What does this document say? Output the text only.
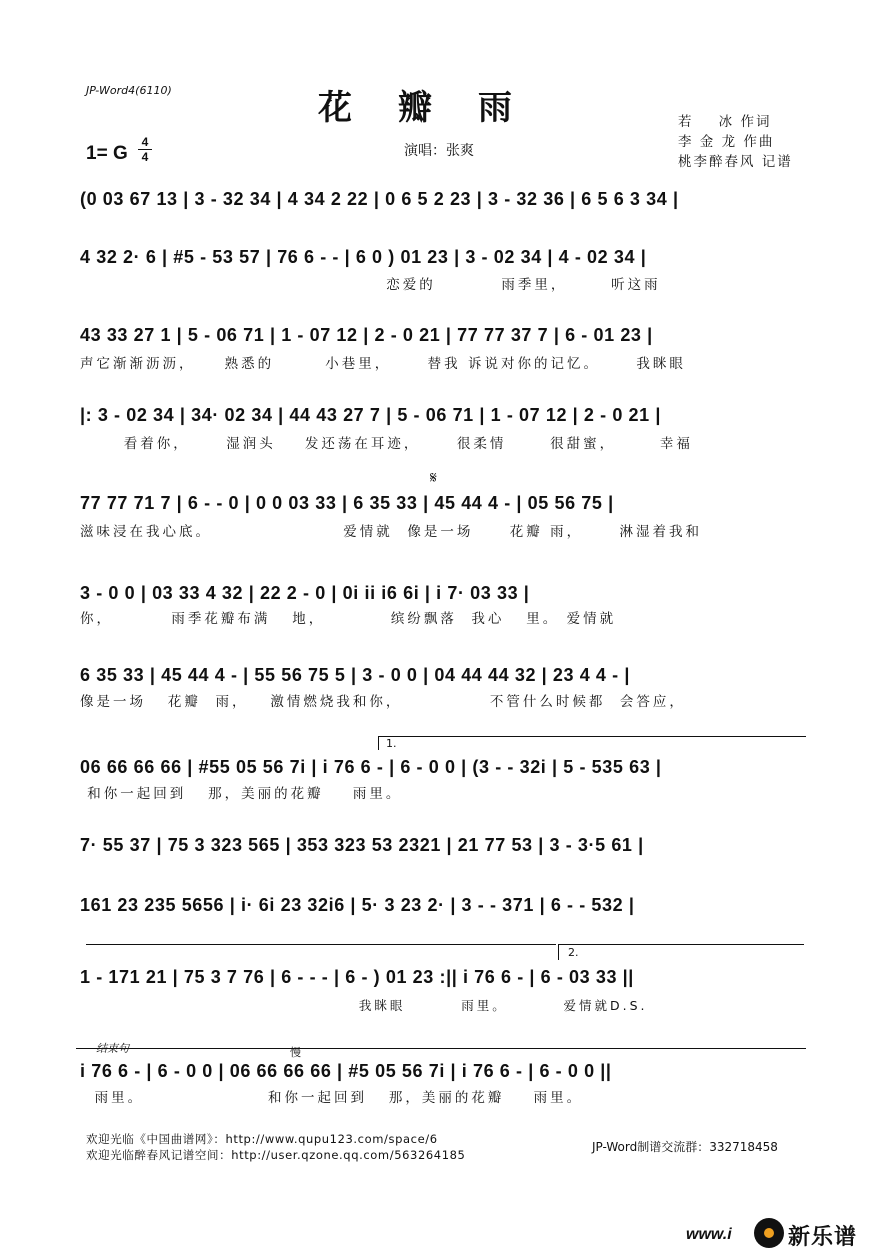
JP-Word4(6110)	花瓣雨
1= G
4
4	演唱：张爽
若    冰 作词
李 金 龙 作曲
桃李醉春风 记谱
(0 03 67 13 | 3 - 32 34 | 4 34 2 22 | 0 6 5 2 23 | 3 - 32 36 | 6 5 6 3 34 |
4 32 2· 6 | #5 - 53 57 | 76 6 - - | 6 0 ) 01 23 | 3 - 02 34 | 4 - 02 34 |
恋爱的         雨季里，      听这雨
43 33 27 1 | 5 - 06 71 | 1 - 07 12 | 2 - 0 21 | 77 77 37 7 | 6 - 01 23 |
声它渐渐沥沥，    熟悉的       小巷里，     替我 诉说对你的记忆。     我眯眼
|: 3 - 02 34 | 34· 02 34 | 44 43 27 7 | 5 - 06 71 | 1 - 07 12 | 2 - 0 21 |
看着你，     湿润头    发还荡在耳迹，     很柔情      很甜蜜，      幸福
𝄋
77 77 71 7 | 6 - - 0 | 0 0 03 33 | 6 35 33 | 45 44 4 - | 05 56 75 |
滋味浸在我心底。                  爱情就  像是一场     花瓣 雨，     淋湿着我和
3 - 0 0 | 03 33 4 32 | 22 2 - 0 | 0i ii i6 6i | i 7· 03 33 |
你，        雨季花瓣布满   地，         缤纷飘落  我心   里。 爱情就
6 35 33 | 45 44 4 - | 55 56 75 5 | 3 - 0 0 | 04 44 44 32 | 23 4 4 - |
像是一场   花瓣  雨，   激情燃烧我和你，            不管什么时候都  会答应，
1.
06 66 66 66 | #55 05 56 7i | i 76 6 - | 6 - 0 0 | (3 - - 32i | 5 - 535 63 |
和你一起回到   那，美丽的花瓣    雨里。
7· 55 37 | 75 3 323 565 | 353 323 53 2321 | 21 77 53 | 3 - 3·5 61 |
161 23 235 5656 | i· 6i 23 32i6 | 5· 3 23 2· | 3 - - 371 | 6 - - 532 |
2.
1 - 171 21 | 75 3 7 76 | 6 - - - | 6 - ) 01 23 :|| i 76 6 - | 6 - 03 33 ||
我眯眼        雨里。        爱情就D.S.
结束句	慢
i 76 6 - | 6 - 0 0 | 06 66 66 66 | #5 05 56 7i | i 76 6 - | 6 - 0 0 ||
雨里。                 和你一起回到   那，美丽的花瓣    雨里。
欢迎光临《中国曲谱网》：http://www.qupu123.com/space/6
欢迎光临醉春风记谱空间：http://user.qzone.qq.com/563264185
JP-Word制谱交流群：332718458
www.i	新乐谱
